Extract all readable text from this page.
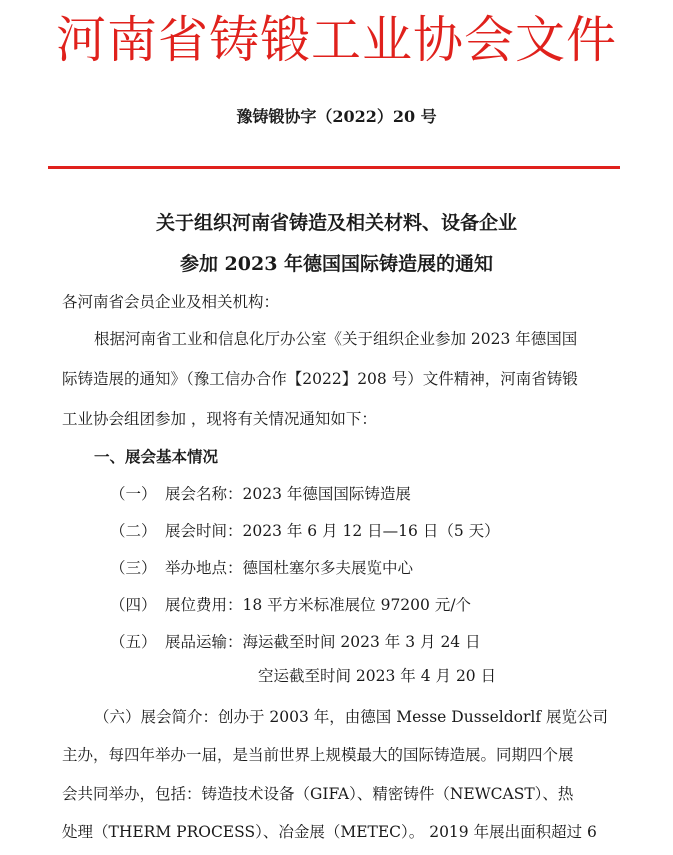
河南省铸锻工业协会文件
豫铸锻协字（2022）20 号
关于组织河南省铸造及相关材料、设备企业
参加 2023 年德国国际铸造展的通知
各河南省会员企业及相关机构：
根据河南省工业和信息化厅办公室《关于组织企业参加 2023 年德国国
际铸造展的通知》（豫工信办合作【2022】208 号）文件精神，河南省铸锻
工业协会组团参加 ，现将有关情况通知如下：
一、展会基本情况
（一） 展会名称：2023 年德国国际铸造展
（二） 展会时间：2023 年 6 月 12 日—16 日（5 天）
（三） 举办地点：德国杜塞尔多夫展览中心
（四） 展位费用：18 平方米标准展位 97200 元/个
（五） 展品运输：海运截至时间 2023 年 3 月 24 日
空运截至时间 2023 年 4 月 20 日
（六）展会简介：创办于 2003 年，由德国 Messe Dusseldorlf 展览公司
主办，每四年举办一届，是当前世界上规模最大的国际铸造展。同期四个展
会共同举办，包括：铸造技术设备（GIFA）、精密铸件（NEWCAST）、热
处理（THERM PROCESS）、冶金展（METEC）。 2019 年展出面积超过 6
